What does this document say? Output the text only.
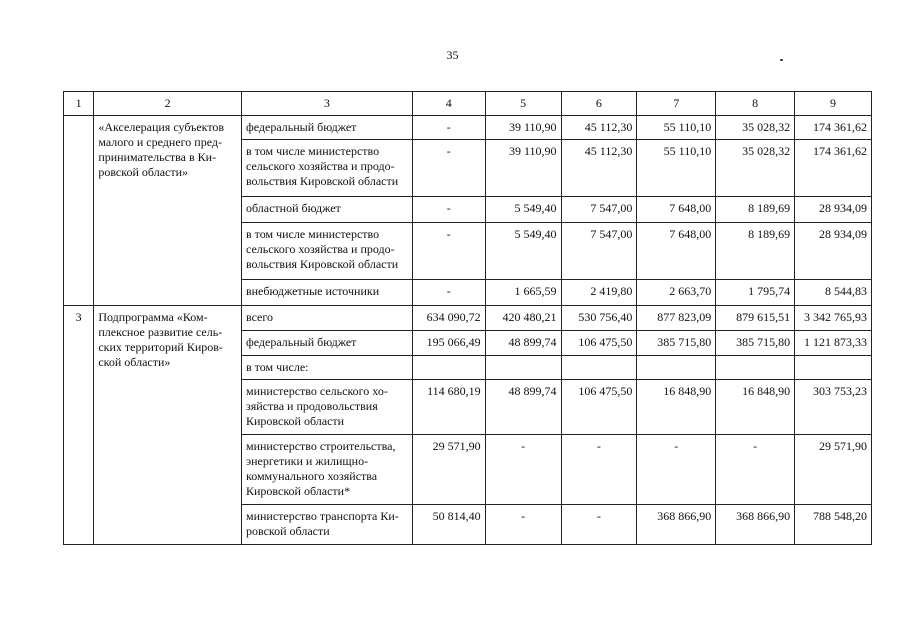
35
1	2	3	4	5	6	7	8	9
	«Акселерация субъектов малого и среднего пред-принимательства в Ки-ровской области»	федеральный бюджет	-	39 110,90	45 112,30	55 110,10	35 028,32	174 361,62
		в том числе министерство сельского хозяйства и продо-вольствия Кировской области	-	39 110,90	45 112,30	55 110,10	35 028,32	174 361,62
		областной бюджет	-	5 549,40	7 547,00	7 648,00	8 189,69	28 934,09
		в том числе министерство сельского хозяйства и продо-вольствия Кировской области	-	5 549,40	7 547,00	7 648,00	8 189,69	28 934,09
		внебюджетные источники	-	1 665,59	2 419,80	2 663,70	1 795,74	8 544,83
3	Подпрограмма «Ком-плексное развитие сель-ских территорий Киров-ской области»	всего	634 090,72	420 480,21	530 756,40	877 823,09	879 615,51	3 342 765,93
		федеральный бюджет	195 066,49	48 899,74	106 475,50	385 715,80	385 715,80	1 121 873,33
		в том числе:						
		министерство сельского хо-зяйства и продовольствия Кировской области	114 680,19	48 899,74	106 475,50	16 848,90	16 848,90	303 753,23
		министерство строительства, энергетики и жилищно-коммунального хозяйства Кировской области*	29 571,90	-	-	-	-	29 571,90
		министерство транспорта Ки-ровской области	50 814,40	-	-	368 866,90	368 866,90	788 548,20
